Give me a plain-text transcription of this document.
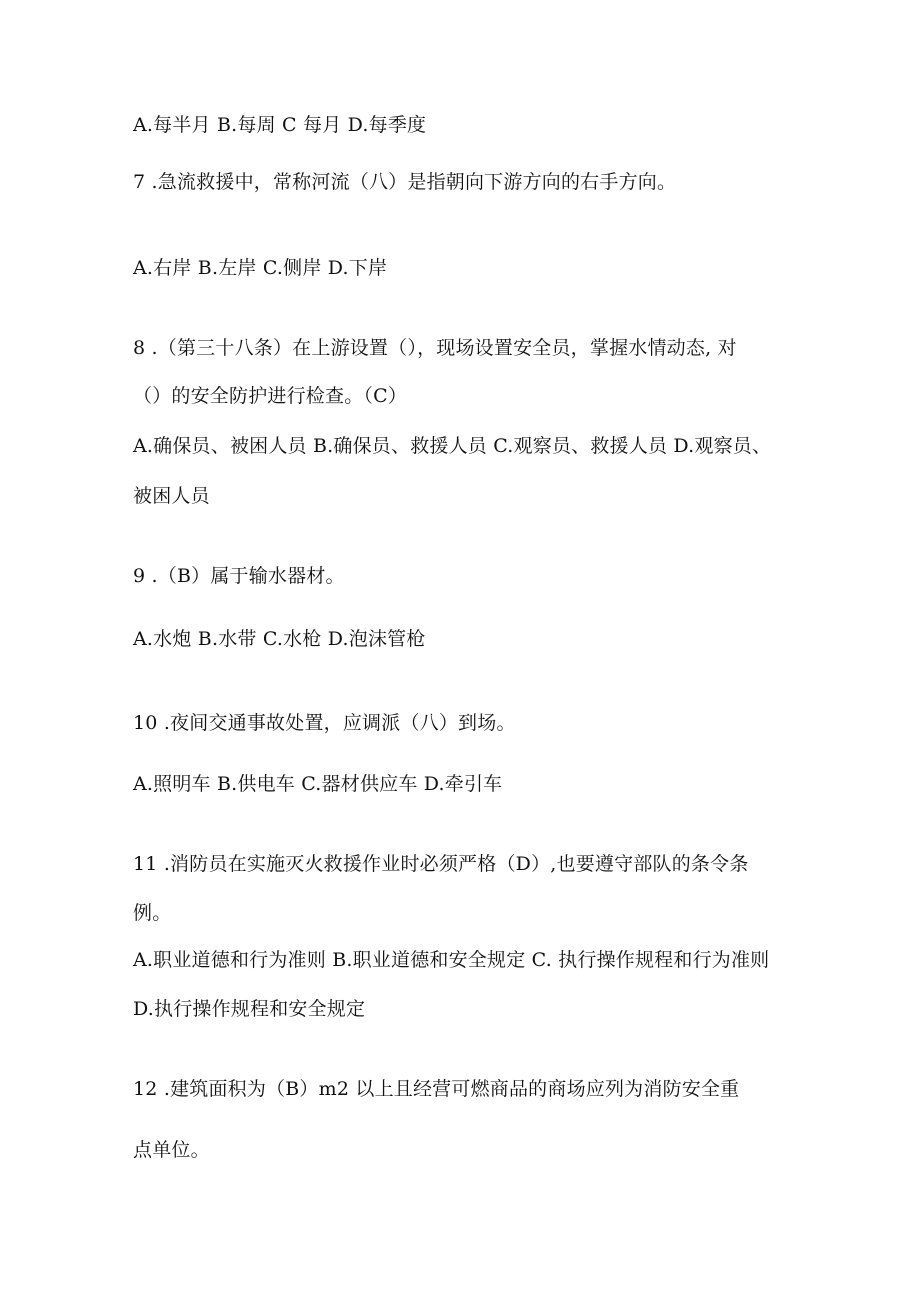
A.每半月 B.每周 C 每月 D.每季度
7 .急流救援中，常称河流（八）是指朝向下游方向的右手方向。
A.右岸 B.左岸 C.侧岸 D.下岸
8 .（第三十八条）在上游设置（），现场设置安全员，掌握水情动态, 对
（）的安全防护进行检查。（C）
A.确保员、被困人员 B.确保员、救援人员 C.观察员、救援人员 D.观察员、
被困人员
9 .（B）属于输水器材。
A.水炮 B.水带 C.水枪 D.泡沫管枪
10 .夜间交通事故处置，应调派（八）到场。
A.照明车 B.供电车 C.器材供应车 D.牵引车
11 .消防员在实施灭火救援作业时必须严格（D）,也要遵守部队的条令条
例。
A.职业道德和行为准则 B.职业道德和安全规定 C. 执行操作规程和行为准则
D.执行操作规程和安全规定
12 .建筑面积为（B）m2 以上且经营可燃商品的商场应列为消防安全重
点单位。
